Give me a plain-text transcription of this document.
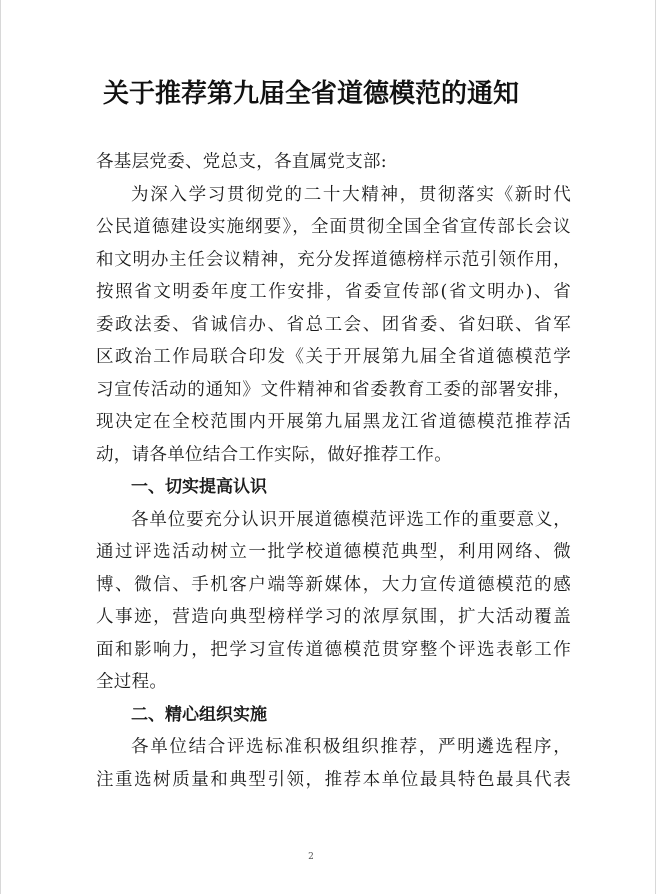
关于推荐第九届全省道德模范的通知
各基层党委、党总支，各直属党支部:
为深入学习贯彻党的二十大精神，贯彻落实《新时代
公民道德建设实施纲要》，全面贯彻全国全省宣传部长会议
和文明办主任会议精神，充分发挥道德榜样示范引领作用，
按照省文明委年度工作安排，省委宣传部(省文明办)、省
委政法委、省诚信办、省总工会、团省委、省妇联、省军
区政治工作局联合印发《关于开展第九届全省道德模范学
习宣传活动的通知》文件精神和省委教育工委的部署安排，
现决定在全校范围内开展第九届黑龙江省道德模范推荐活
动，请各单位结合工作实际，做好推荐工作。
一、切实提高认识
各单位要充分认识开展道德模范评选工作的重要意义，
通过评选活动树立一批学校道德模范典型，利用网络、微
博、微信、手机客户端等新媒体，大力宣传道德模范的感
人事迹，营造向典型榜样学习的浓厚氛围，扩大活动覆盖
面和影响力，把学习宣传道德模范贯穿整个评选表彰工作
全过程。
二、精心组织实施
各单位结合评选标准积极组织推荐，严明遴选程序，
注重选树质量和典型引领，推荐本单位最具特色最具代表
2
